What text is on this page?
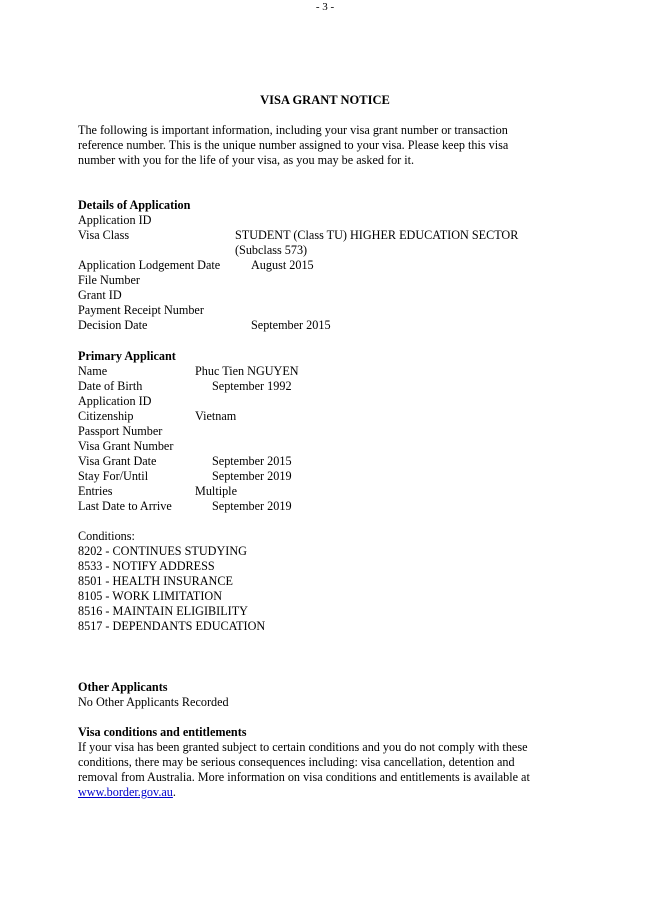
- 3 -
VISA GRANT NOTICE
The following is important information, including your visa grant number or transaction
reference number. This is the unique number assigned to your visa. Please keep this visa
number with you for the life of your visa, as you may be asked for it.
Details of Application
Application ID
Visa Class	STUDENT (Class TU) HIGHER EDUCATION SECTOR
(Subclass 573)
Application Lodgement Date	August 2015
File Number
Grant ID
Payment Receipt Number
Decision Date	September 2015
Primary Applicant
Name	Phuc Tien NGUYEN
Date of Birth	September 1992
Application ID
Citizenship	Vietnam
Passport Number
Visa Grant Number
Visa Grant Date	September 2015
Stay For/Until	September 2019
Entries	Multiple
Last Date to Arrive	September 2019
Conditions:
8202 - CONTINUES STUDYING
8533 - NOTIFY ADDRESS
8501 - HEALTH INSURANCE
8105 - WORK LIMITATION
8516 - MAINTAIN ELIGIBILITY
8517 - DEPENDANTS EDUCATION
Other Applicants
No Other Applicants Recorded
Visa conditions and entitlements
If your visa has been granted subject to certain conditions and you do not comply with these
conditions, there may be serious consequences including: visa cancellation, detention and
removal from Australia. More information on visa conditions and entitlements is available at
www.border.gov.au.
